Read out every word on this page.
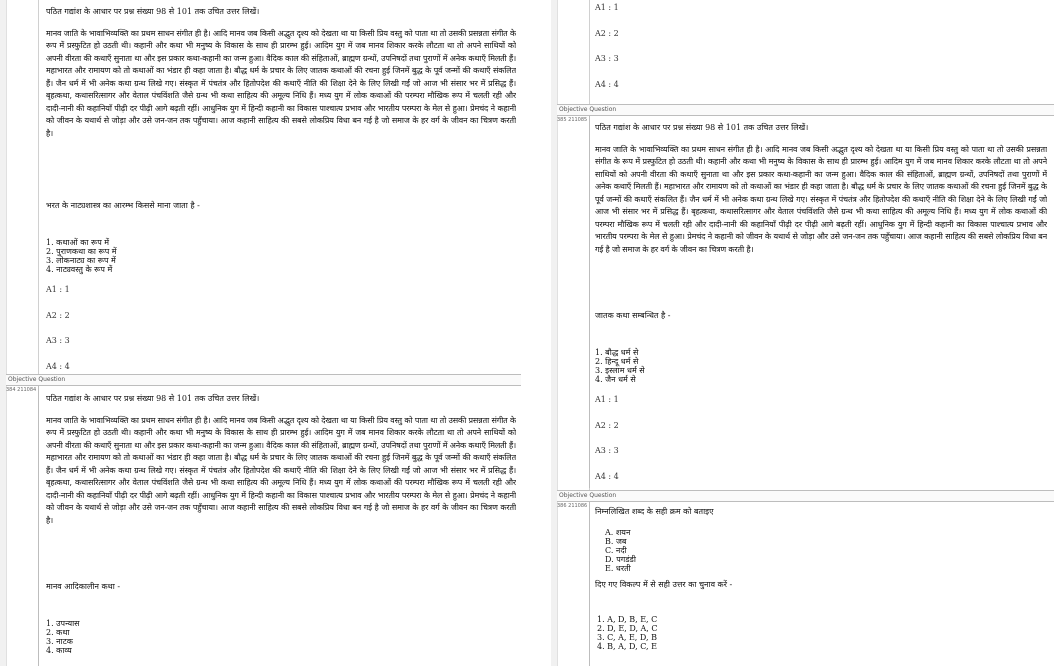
पठित गद्यांश के आधार पर प्रश्न संख्या 98 से 101 तक उचित उत्तर लिखें।
मानव जाति के भावाभिव्यक्ति का प्रथम साधन संगीत ही है। आदि मानव जब किसी अद्भुत दृश्य को देखता था या किसी प्रिय वस्तु को पाता था तो उसकी प्रसन्नता संगीत के रूप में प्रस्फुटित हो उठती थी। कहानी और कथा भी मनुष्य के विकास के साथ ही प्रारम्भ हुई। आदिम युग में जब मानव शिकार करके लौटता था तो अपने साथियों को अपनी वीरता की कथाएँ सुनाता था और इस प्रकार कथा-कहानी का जन्म हुआ। वैदिक काल की संहिताओं, ब्राह्मण ग्रन्थों, उपनिषदों तथा पुराणों में अनेक कथाएँ मिलती हैं। महाभारत और रामायण को तो कथाओं का भंडार ही कहा जाता है। बौद्ध धर्म के प्रचार के लिए जातक कथाओं की रचना हुई जिनमें बुद्ध के पूर्व जन्मों की कथाएँ संकलित हैं। जैन धर्म में भी अनेक कथा ग्रन्थ लिखे गए। संस्कृत में पंचतंत्र और हितोपदेश की कथाएँ नीति की शिक्षा देने के लिए लिखी गईं जो आज भी संसार भर में प्रसिद्ध हैं। बृहत्कथा, कथासरित्सागर और वेताल पंचविंशति जैसे ग्रन्थ भी कथा साहित्य की अमूल्य निधि हैं। मध्य युग में लोक कथाओं की परम्परा मौखिक रूप में चलती रही और दादी-नानी की कहानियाँ पीढ़ी दर पीढ़ी आगे बढ़ती रहीं। आधुनिक युग में हिन्दी कहानी का विकास पाश्चात्य प्रभाव और भारतीय परम्परा के मेल से हुआ। प्रेमचंद ने कहानी को जीवन के यथार्थ से जोड़ा और उसे जन-जन तक पहुँचाया। आज कहानी साहित्य की सबसे लोकप्रिय विधा बन गई है जो समाज के हर वर्ग के जीवन का चित्रण करती है।
भरत के नाट्यशास्त्र का आरम्भ किससे माना जाता है -
1. कथाओं का रूप में
2. पुराणकथा का रूप में
3. लोकनाट्य का रूप में
4. नाट्यवस्तु के रूप में
A1 : 1
A2 : 2
A3 : 3
A4 : 4
Objective Question
384 211084
पठित गद्यांश के आधार पर प्रश्न संख्या 98 से 101 तक उचित उत्तर लिखें।
मानव जाति के भावाभिव्यक्ति का प्रथम साधन संगीत ही है। आदि मानव जब किसी अद्भुत दृश्य को देखता था या किसी प्रिय वस्तु को पाता था तो उसकी प्रसन्नता संगीत के रूप में प्रस्फुटित हो उठती थी। कहानी और कथा भी मनुष्य के विकास के साथ ही प्रारम्भ हुई। आदिम युग में जब मानव शिकार करके लौटता था तो अपने साथियों को अपनी वीरता की कथाएँ सुनाता था और इस प्रकार कथा-कहानी का जन्म हुआ। वैदिक काल की संहिताओं, ब्राह्मण ग्रन्थों, उपनिषदों तथा पुराणों में अनेक कथाएँ मिलती हैं। महाभारत और रामायण को तो कथाओं का भंडार ही कहा जाता है। बौद्ध धर्म के प्रचार के लिए जातक कथाओं की रचना हुई जिनमें बुद्ध के पूर्व जन्मों की कथाएँ संकलित हैं। जैन धर्म में भी अनेक कथा ग्रन्थ लिखे गए। संस्कृत में पंचतंत्र और हितोपदेश की कथाएँ नीति की शिक्षा देने के लिए लिखी गईं जो आज भी संसार भर में प्रसिद्ध हैं। बृहत्कथा, कथासरित्सागर और वेताल पंचविंशति जैसे ग्रन्थ भी कथा साहित्य की अमूल्य निधि हैं। मध्य युग में लोक कथाओं की परम्परा मौखिक रूप में चलती रही और दादी-नानी की कहानियाँ पीढ़ी दर पीढ़ी आगे बढ़ती रहीं। आधुनिक युग में हिन्दी कहानी का विकास पाश्चात्य प्रभाव और भारतीय परम्परा के मेल से हुआ। प्रेमचंद ने कहानी को जीवन के यथार्थ से जोड़ा और उसे जन-जन तक पहुँचाया। आज कहानी साहित्य की सबसे लोकप्रिय विधा बन गई है जो समाज के हर वर्ग के जीवन का चित्रण करती है।
मानव आदिकालीन कथा -
1. उपन्यास
2. कथा
3. नाटक
4. काव्य
A1 : 1
A2 : 2
A3 : 3
A4 : 4
Objective Question
385 211085
पठित गद्यांश के आधार पर प्रश्न संख्या 98 से 101 तक उचित उत्तर लिखें।
मानव जाति के भावाभिव्यक्ति का प्रथम साधन संगीत ही है। आदि मानव जब किसी अद्भुत दृश्य को देखता था या किसी प्रिय वस्तु को पाता था तो उसकी प्रसन्नता संगीत के रूप में प्रस्फुटित हो उठती थी। कहानी और कथा भी मनुष्य के विकास के साथ ही प्रारम्भ हुई। आदिम युग में जब मानव शिकार करके लौटता था तो अपने साथियों को अपनी वीरता की कथाएँ सुनाता था और इस प्रकार कथा-कहानी का जन्म हुआ। वैदिक काल की संहिताओं, ब्राह्मण ग्रन्थों, उपनिषदों तथा पुराणों में अनेक कथाएँ मिलती हैं। महाभारत और रामायण को तो कथाओं का भंडार ही कहा जाता है। बौद्ध धर्म के प्रचार के लिए जातक कथाओं की रचना हुई जिनमें बुद्ध के पूर्व जन्मों की कथाएँ संकलित हैं। जैन धर्म में भी अनेक कथा ग्रन्थ लिखे गए। संस्कृत में पंचतंत्र और हितोपदेश की कथाएँ नीति की शिक्षा देने के लिए लिखी गईं जो आज भी संसार भर में प्रसिद्ध हैं। बृहत्कथा, कथासरित्सागर और वेताल पंचविंशति जैसे ग्रन्थ भी कथा साहित्य की अमूल्य निधि हैं। मध्य युग में लोक कथाओं की परम्परा मौखिक रूप में चलती रही और दादी-नानी की कहानियाँ पीढ़ी दर पीढ़ी आगे बढ़ती रहीं। आधुनिक युग में हिन्दी कहानी का विकास पाश्चात्य प्रभाव और भारतीय परम्परा के मेल से हुआ। प्रेमचंद ने कहानी को जीवन के यथार्थ से जोड़ा और उसे जन-जन तक पहुँचाया। आज कहानी साहित्य की सबसे लोकप्रिय विधा बन गई है जो समाज के हर वर्ग के जीवन का चित्रण करती है।
जातक कथा सम्बन्धित है -
1. बौद्ध धर्म से
2. हिन्दू धर्म से
3. इस्लाम धर्म से
4. जैन धर्म से
A1 : 1
A2 : 2
A3 : 3
A4 : 4
Objective Question
386 211086
निम्नलिखित शब्द के सही क्रम को बताइए
A. शयन
B. जब
C. नदी
D. पगडंडी
E. धरती
दिए गए विकल्प में से सही उत्तर का चुनाव करें -
1. A, D, B, E, C
2. D, E, D, A, C
3. C, A, E, D, B
4. B, A, D, C, E
